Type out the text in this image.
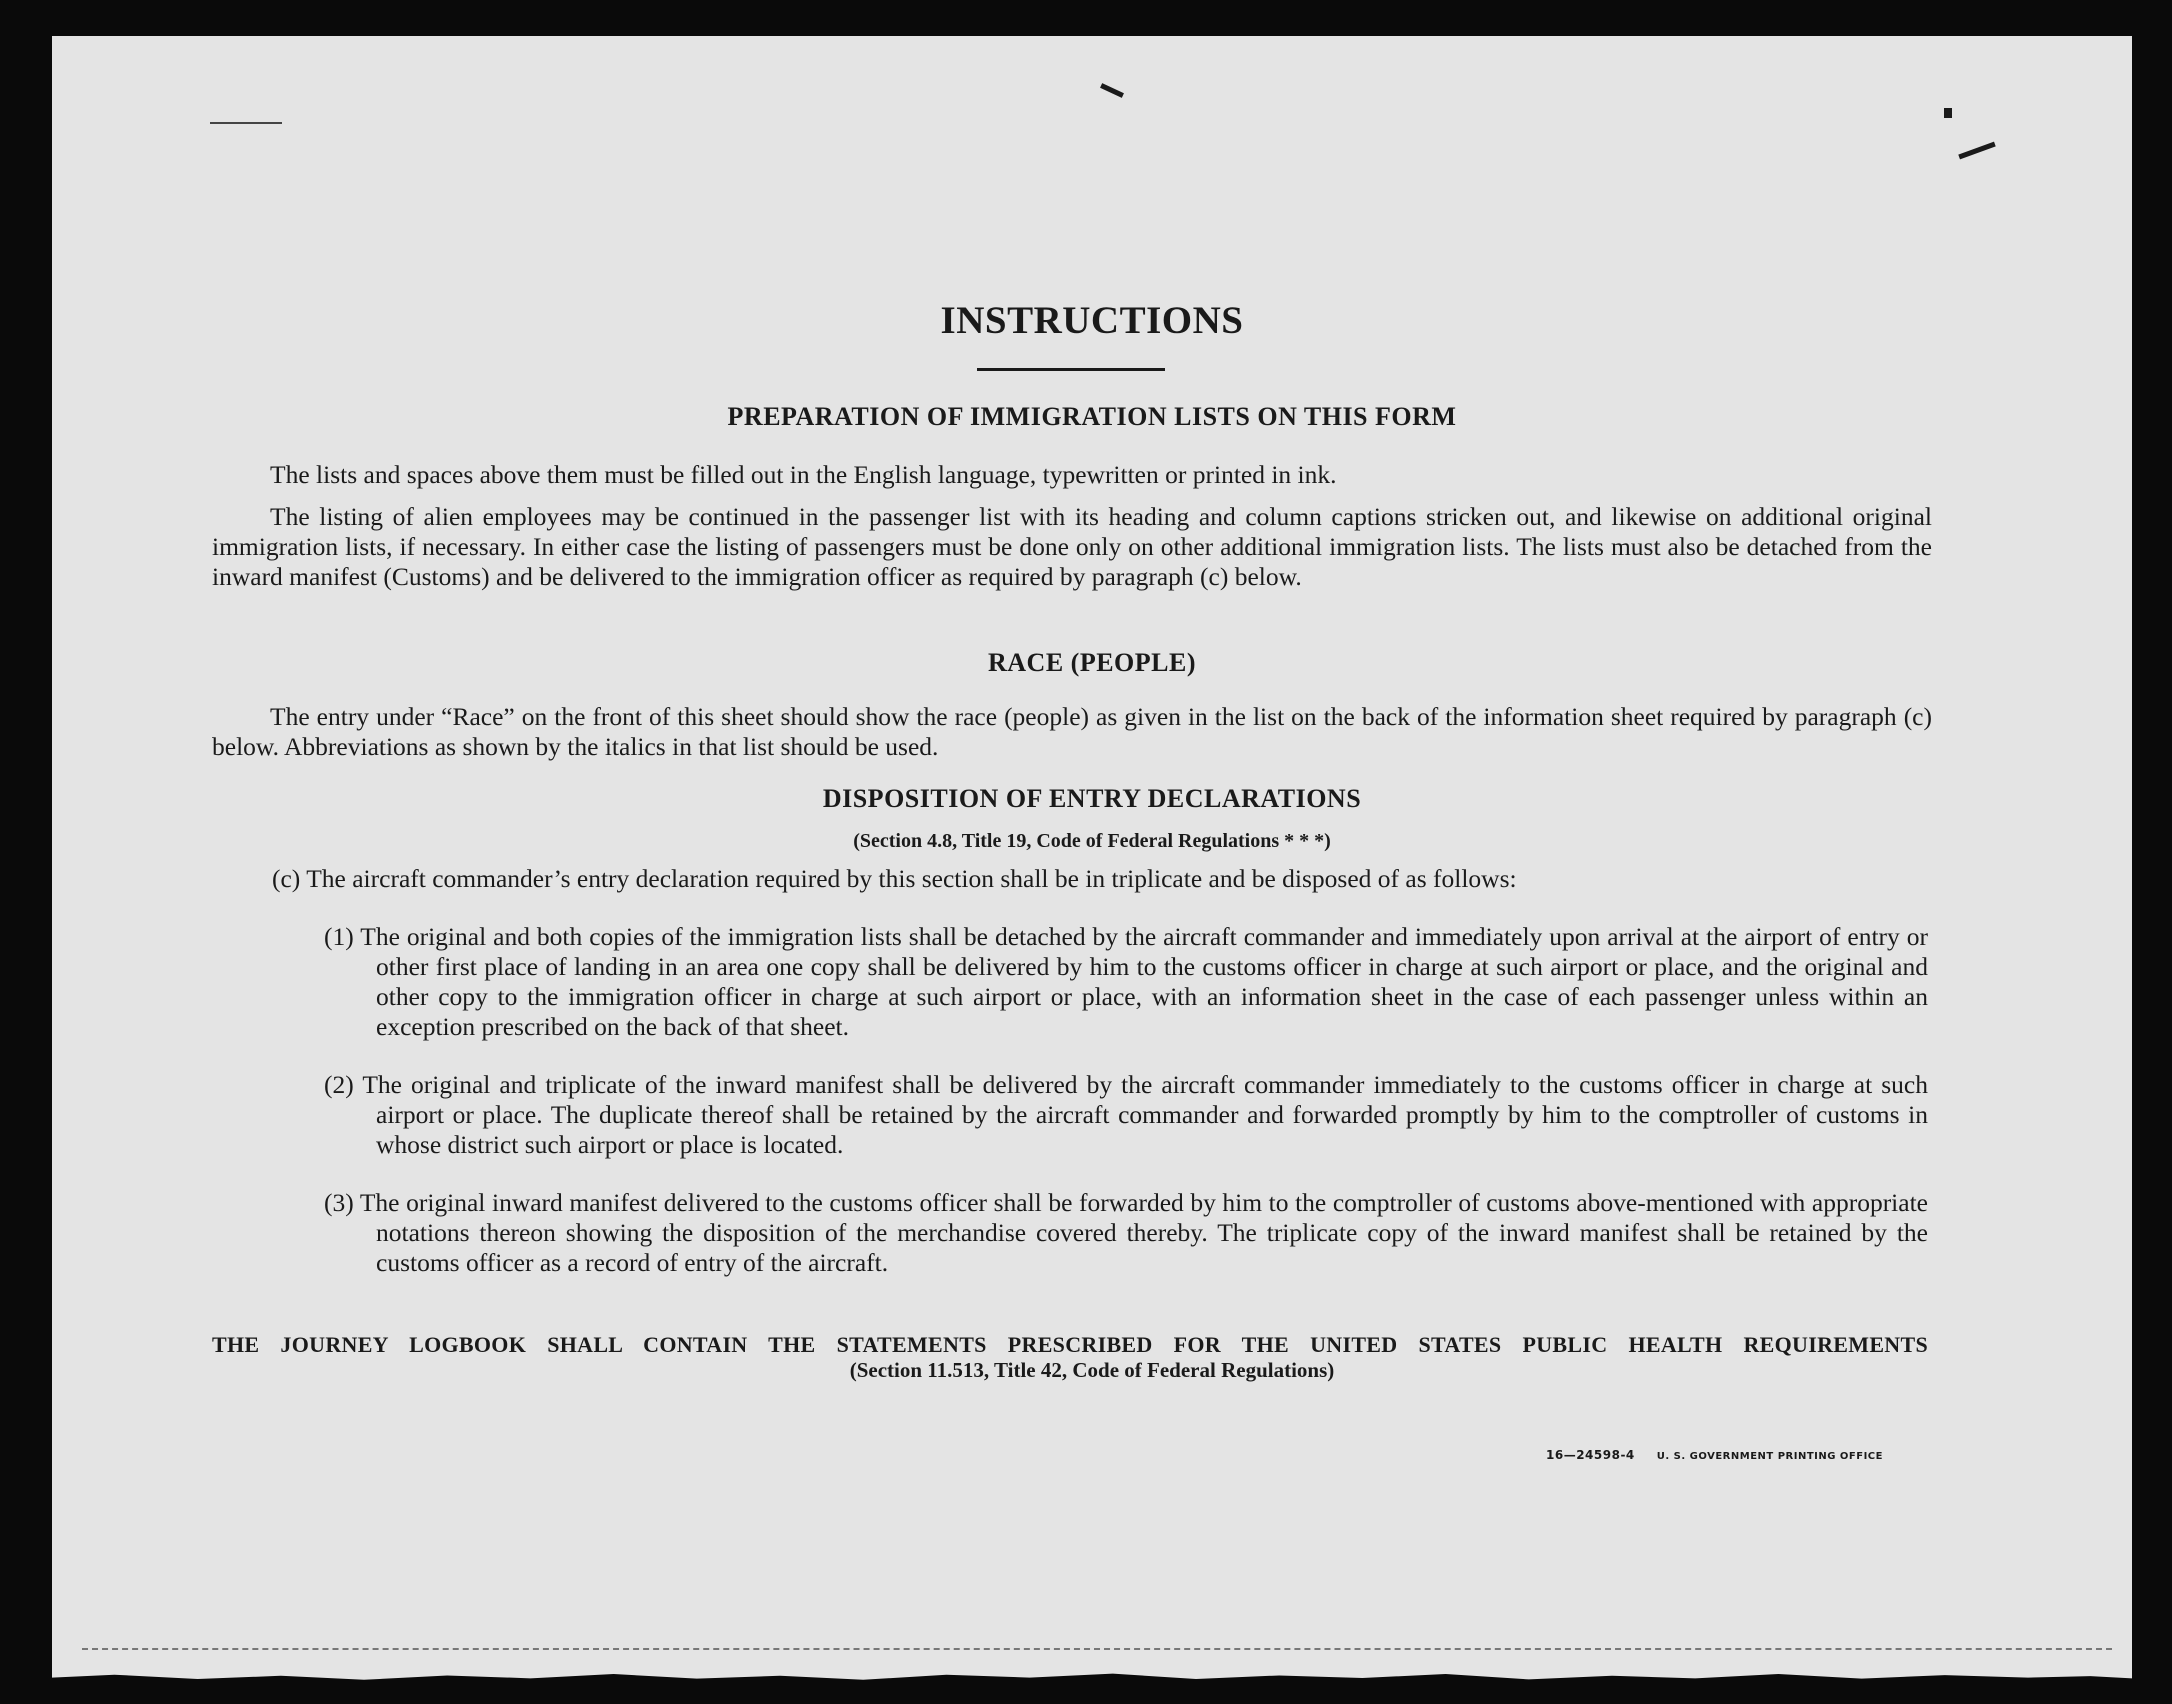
INSTRUCTIONS
PREPARATION OF IMMIGRATION LISTS ON THIS FORM
The lists and spaces above them must be filled out in the English language, typewritten or printed in ink.
The listing of alien employees may be continued in the passenger list with its heading and column captions stricken out, and likewise on additional original immigration lists, if necessary. In either case the listing of passengers must be done only on other additional immigration lists. The lists must also be detached from the inward manifest (Customs) and be delivered to the immigration officer as required by paragraph (c) below.
RACE (PEOPLE)
The entry under “Race” on the front of this sheet should show the race (people) as given in the list on the back of the information sheet required by paragraph (c) below. Abbreviations as shown by the italics in that list should be used.
DISPOSITION OF ENTRY DECLARATIONS
(Section 4.8, Title 19, Code of Federal Regulations * * *)
(c) The aircraft commander’s entry declaration required by this section shall be in triplicate and be disposed of as follows:
(1) The original and both copies of the immigration lists shall be detached by the aircraft commander and immediately upon arrival at the airport of entry or other first place of landing in an area one copy shall be delivered by him to the customs officer in charge at such airport or place, and the original and other copy to the immigration officer in charge at such airport or place, with an information sheet in the case of each passenger unless within an exception prescribed on the back of that sheet.
(2) The original and triplicate of the inward manifest shall be delivered by the aircraft commander immediately to the customs officer in charge at such airport or place. The duplicate thereof shall be retained by the aircraft commander and forwarded promptly by him to the comptroller of customs in whose district such airport or place is located.
(3) The original inward manifest delivered to the customs officer shall be forwarded by him to the comptroller of customs above-mentioned with appropriate notations thereon showing the disposition of the merchandise covered thereby. The triplicate copy of the inward manifest shall be retained by the customs officer as a record of entry of the aircraft.
THE JOURNEY LOGBOOK SHALL CONTAIN THE STATEMENTS PRESCRIBED FOR THE UNITED STATES PUBLIC HEALTH REQUIREMENTS
(Section 11.513, Title 42, Code of Federal Regulations)
16—24598-4 U. S. GOVERNMENT PRINTING OFFICE
